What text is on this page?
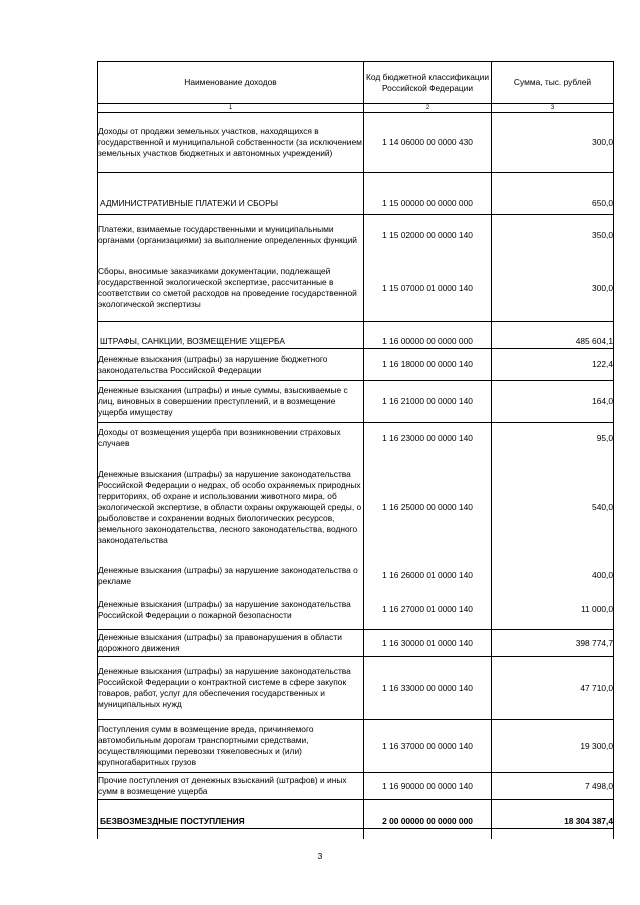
Наименование доходов	Код бюджетной классификации Российской Федерации	Сумма, тыс. рублей
1	2	3
Доходы от продажи земельных участков, находящихся в государственной и муниципальной собственности (за исключением земельных участков бюджетных и автономных учреждений)	1 14 06000 00 0000 430	300,0

АДМИНИСТРАТИВНЫЕ ПЛАТЕЖИ И СБОРЫ	1 15 00000 00 0000 000	650,0
Платежи, взимаемые государственными и муниципальными органами (организациями) за выполнение определенных функций	1 15 02000 00 0000 140	350,0
Сборы, вносимые заказчиками документации, подлежащей государственной экологической экспертизе, рассчитанные в соответствии со сметой расходов на проведение государственной экологической экспертизы	1 15 07000 01 0000 140	300,0

ШТРАФЫ, САНКЦИИ, ВОЗМЕЩЕНИЕ УЩЕРБА	1 16 00000 00 0000 000	485 604,1
Денежные взыскания (штрафы) за нарушение бюджетного законодательства Российской Федерации	1 16 18000 00 0000 140	122,4
Денежные взыскания (штрафы) и иные суммы, взыскиваемые с лиц, виновных в совершении преступлений, и в возмещение ущерба имуществу	1 16 21000 00 0000 140	164,0
Доходы от возмещения ущерба при возникновении страховых случаев	1 16 23000 00 0000 140	95,0
Денежные взыскания (штрафы) за нарушение законодательства Российской Федерации о недрах, об особо охраняемых природных территориях, об охране и использовании животного мира, об экологической экспертизе, в области охраны окружающей среды, о рыболовстве и сохранении водных биологических ресурсов, земельного законодательства, лесного законодательства, водного законодательства	1 16 25000 00 0000 140	540,0
Денежные взыскания (штрафы) за нарушение законодательства о рекламе	1 16 26000 01 0000 140	400,0
Денежные взыскания (штрафы) за нарушение законодательства Российской Федерации о пожарной безопасности	1 16 27000 01 0000 140	11 000,0
Денежные взыскания (штрафы) за правонарушения в области дорожного движения	1 16 30000 01 0000 140	398 774,7
Денежные взыскания (штрафы) за нарушение законодательства Российской Федерации о контрактной системе в сфере закупок товаров, работ, услуг для обеспечения государственных и муниципальных нужд	1 16 33000 00 0000 140	47 710,0
Поступления сумм в возмещение вреда, причиняемого автомобильным дорогам транспортными средствами, осуществляющими перевозки тяжеловесных и (или) крупногабаритных грузов	1 16 37000 00 0000 140	19 300,0
Прочие поступления от денежных взысканий (штрафов) и иных сумм в возмещение ущерба	1 16 90000 00 0000 140	7 498,0

БЕЗВОЗМЕЗДНЫЕ ПОСТУПЛЕНИЯ	2 00 00000 00 0000 000	18 304 387,4

3
